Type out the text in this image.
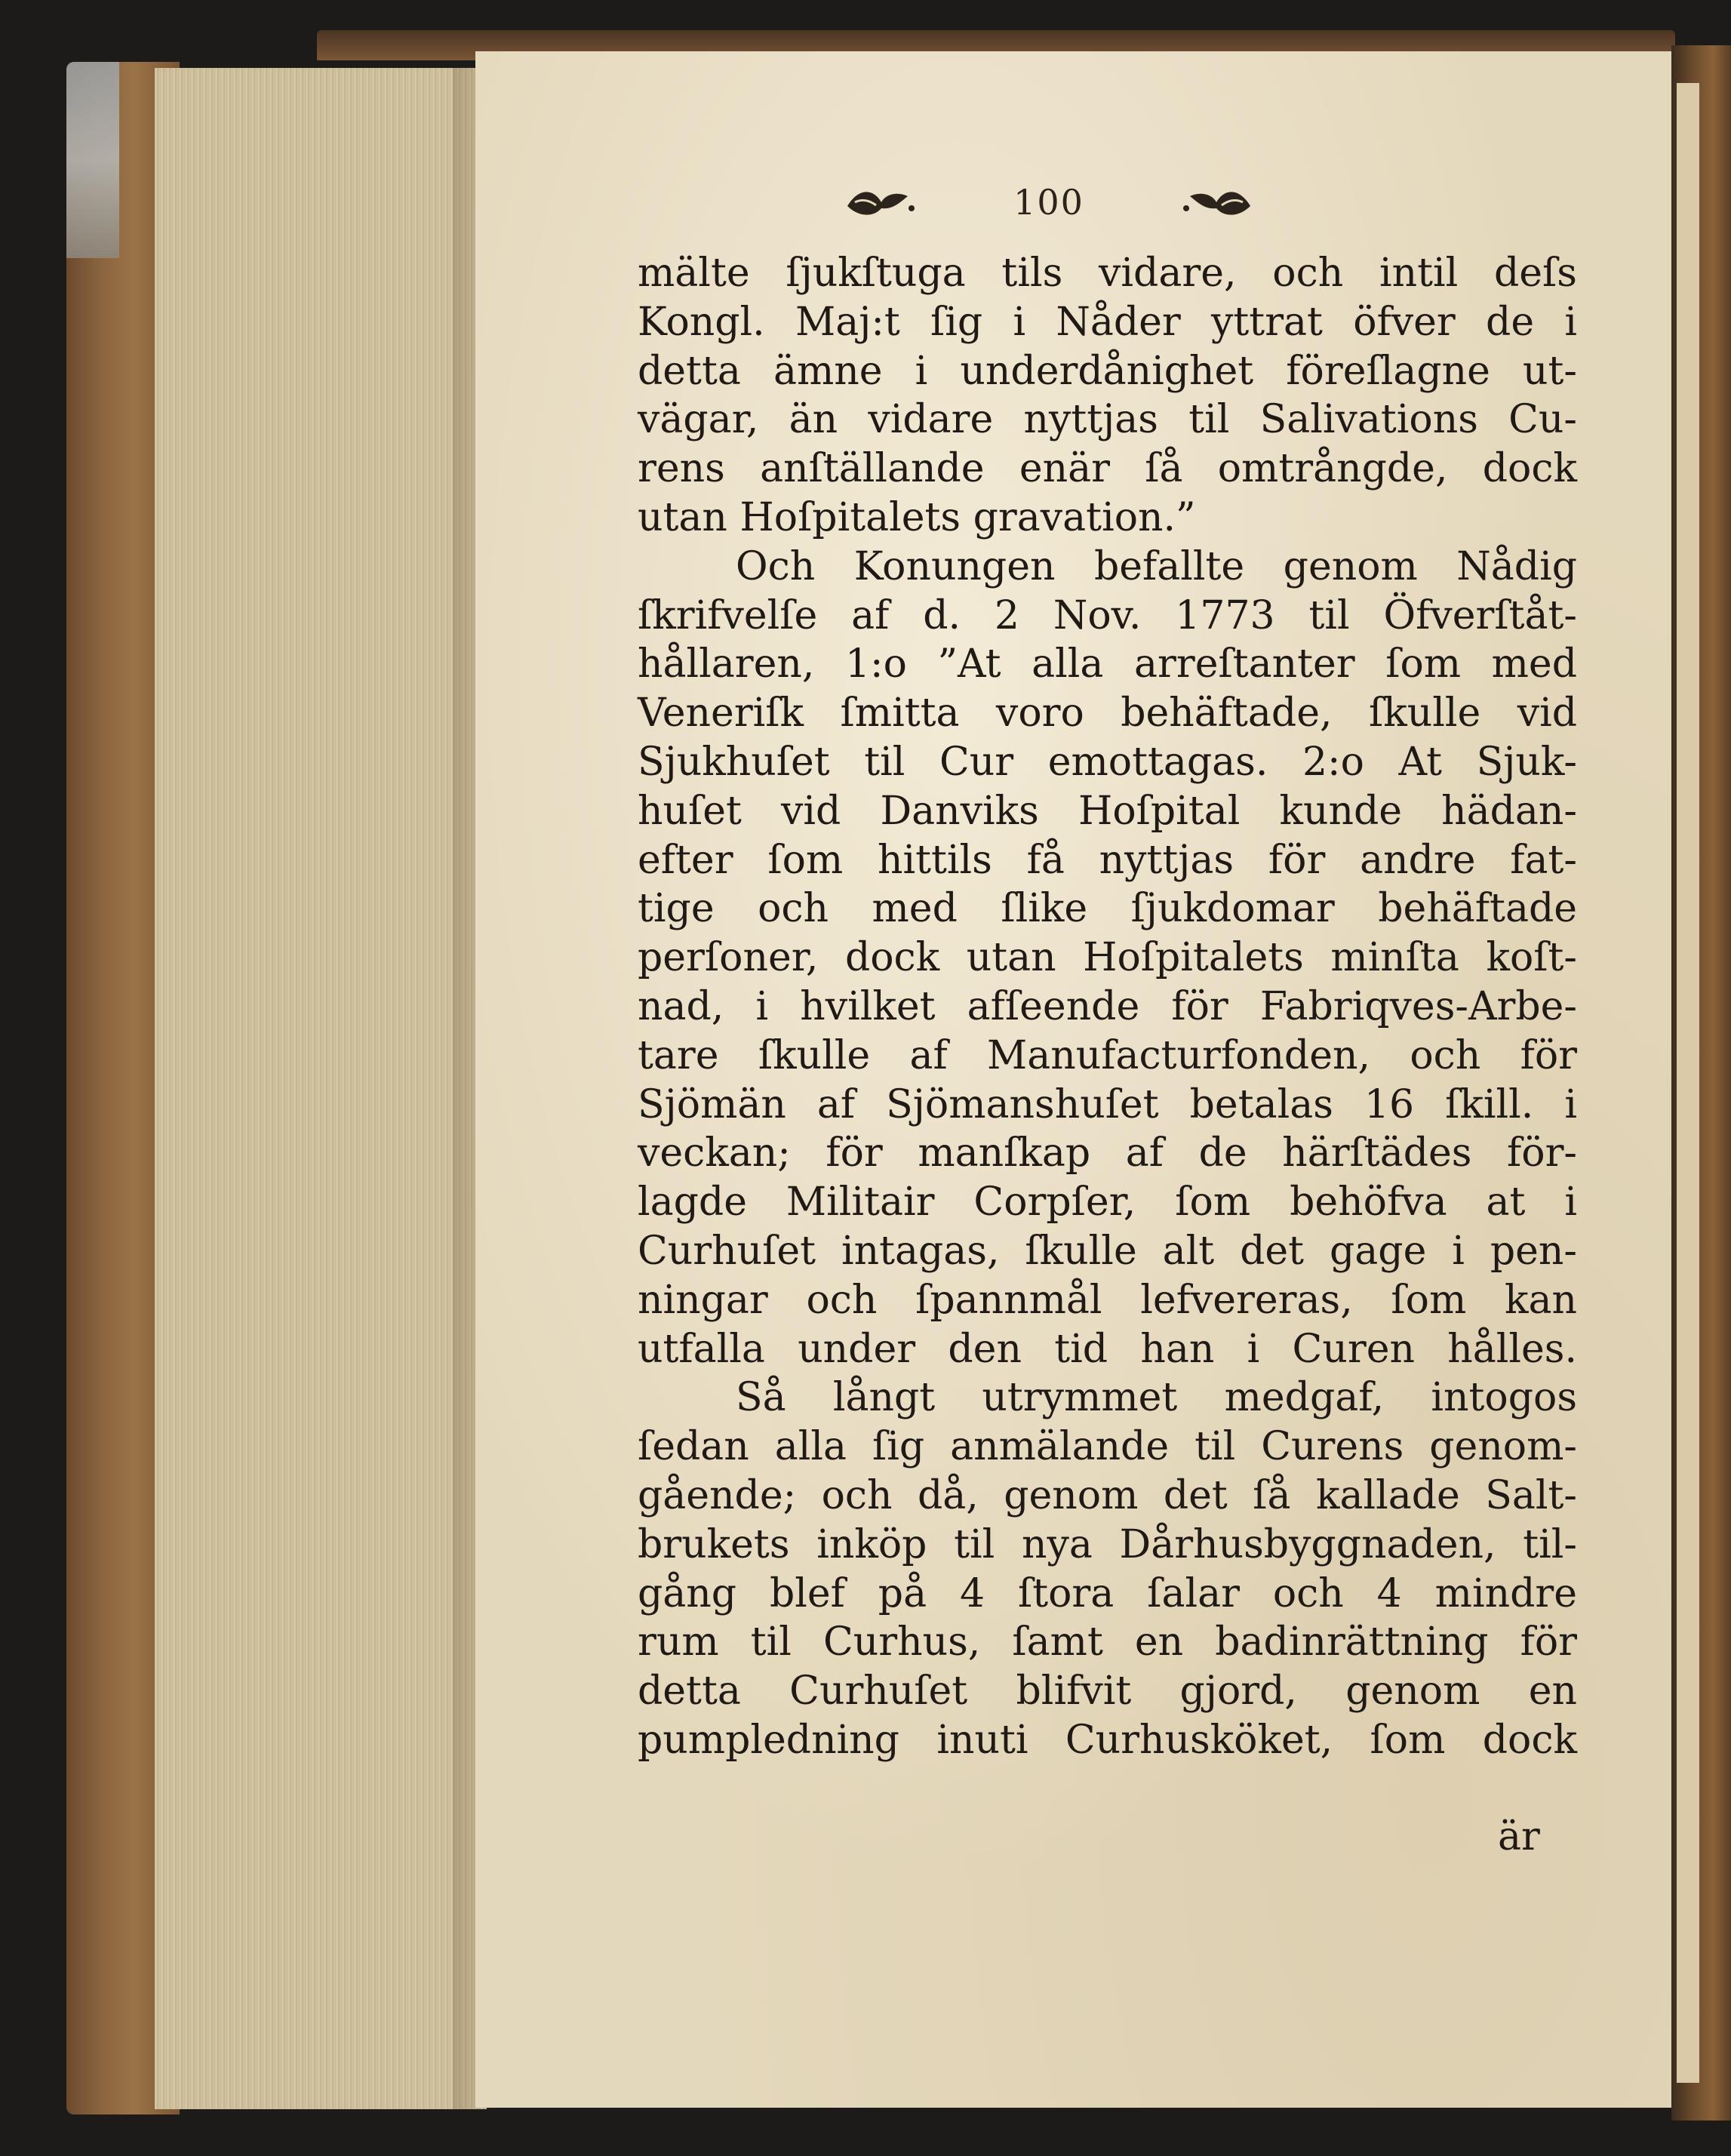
100
mälte ſjukſtuga tils vidare, och intil deſs
Kongl. Maj:t ſig i Nåder yttrat öfver de i
detta ämne i underdånighet föreſlagne ut-
vägar, än vidare nyttjas til Salivations Cu-
rens anſtällande enär ſå omtrångde, dock
utan Hoſpitalets gravation.”
Och Konungen befallte genom Nådig
ſkrifvelſe af d. 2 Nov. 1773 til Öfverſtåt-
hållaren, 1:o ”At alla arreſtanter ſom med
Veneriſk ſmitta voro behäftade, ſkulle vid
Sjukhuſet til Cur emottagas. 2:o At Sjuk-
huſet vid Danviks Hoſpital kunde hädan-
efter ſom hittils få nyttjas för andre fat-
tige och med ſlike ſjukdomar behäftade
perſoner, dock utan Hoſpitalets minſta koſt-
nad, i hvilket afſeende för Fabriqves-Arbe-
tare ſkulle af Manufacturfonden, och för
Sjömän af Sjömanshuſet betalas 16 ſkill. i
veckan; för manſkap af de härſtädes för-
lagde Militair Corpſer, ſom behöfva at i
Curhuſet intagas, ſkulle alt det gage i pen-
ningar och ſpannmål lefvereras, ſom kan
utfalla under den tid han i Curen hålles.
Så långt utrymmet medgaf, intogos
ſedan alla ſig anmälande til Curens genom-
gående; och då, genom det ſå kallade Salt-
brukets inköp til nya Dårhusbyggnaden, til-
gång blef på 4 ſtora ſalar och 4 mindre
rum til Curhus, ſamt en badinrättning för
detta Curhuſet blifvit gjord, genom en
pumpledning inuti Curhusköket, ſom dock
är
